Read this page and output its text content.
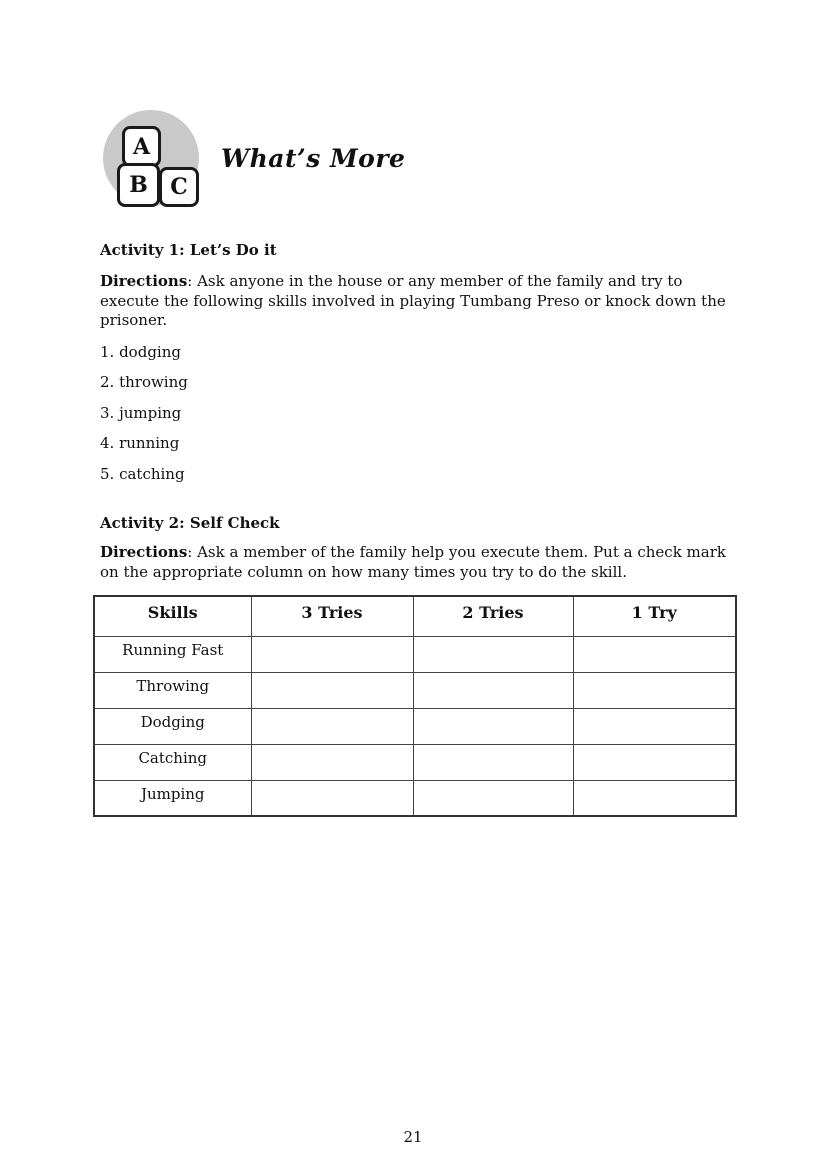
A
B	C
What’s More
Activity 1: Let’s Do it

Directions: Ask anyone in the house or any member of the family and try to execute the following skills involved in playing Tumbang Preso or knock down the prisoner.

1. dodging
2. throwing
3. jumping
4. running
5. catching
Activity 2: Self Check

Directions: Ask a member of the family help you execute them. Put a check mark on the appropriate column on how many times you try to do the skill.

Skills	3 Tries	2 Tries	1 Try
Running Fast			
Throwing			
Dodging			
Catching			
Jumping			
21
